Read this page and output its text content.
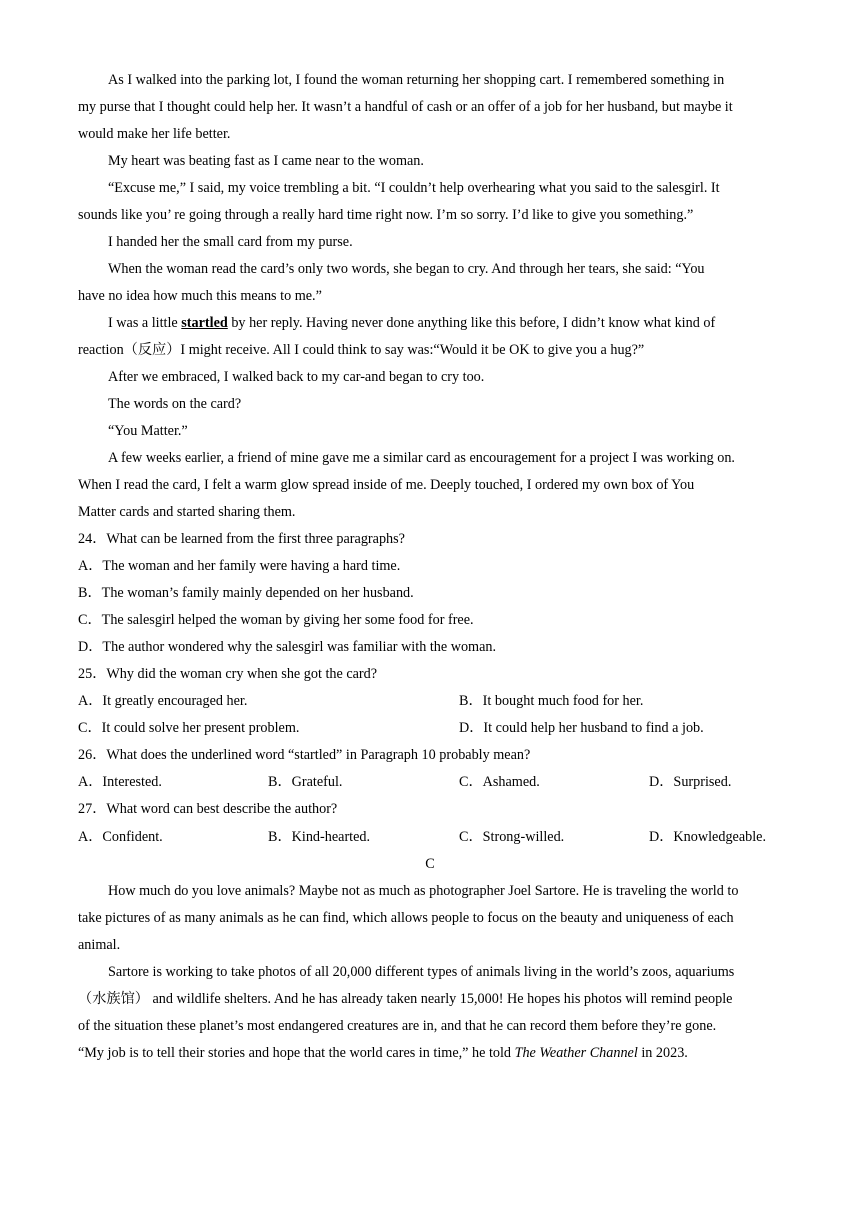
As I walked into the parking lot, I found the woman returning her shopping cart. I remembered something in
my purse that I thought could help her. It wasn’t a handful of cash or an offer of a job for her husband, but maybe it
would make her life better.
My heart was beating fast as I came near to the woman.
“Excuse me,” I said, my voice trembling a bit. “I couldn’t help overhearing what you said to the salesgirl. It
sounds like you’ re going through a really hard time right now. I’m so sorry. I’d like to give you something.”
I handed her the small card from my purse.
When the woman read the card’s only two words, she began to cry. And through her tears, she said: “You
have no idea how much this means to me.”
I was a little startled by her reply. Having never done anything like this before, I didn’t know what kind of
reaction（反应）I might receive. All I could think to say was:“Would it be OK to give you a hug?”
After we embraced, I walked back to my car-and began to cry too.
The words on the card?
“You Matter.”
A few weeks earlier, a friend of mine gave me a similar card as encouragement for a project I was working on.
When I read the card, I felt a warm glow spread inside of me. Deeply touched, I ordered my own box of You
Matter cards and started sharing them.
24．What can be learned from the first three paragraphs?
A．The woman and her family were having a hard time.
B．The woman’s family mainly depended on her husband.
C．The salesgirl helped the woman by giving her some food for free.
D．The author wondered why the salesgirl was familiar with the woman.
25．Why did the woman cry when she got the card?
A．It greatly encouraged her.	B．It bought much food for her.
C．It could solve her present problem.	D．It could help her husband to find a job.
26．What does the underlined word “startled” in Paragraph 10 probably mean?
A．Interested.	B．Grateful.	C．Ashamed.	D．Surprised.
27．What word can best describe the author?
A．Confident.	B．Kind-hearted.	C．Strong-willed.	D．Knowledgeable.
C
How much do you love animals? Maybe not as much as photographer Joel Sartore. He is traveling the world to
take pictures of as many animals as he can find, which allows people to focus on the beauty and uniqueness of each
animal.
Sartore is working to take photos of all 20,000 different types of animals living in the world’s zoos, aquariums
（水族馆） and wildlife shelters. And he has already taken nearly 15,000! He hopes his photos will remind people
of the situation these planet’s most endangered creatures are in, and that he can record them before they’re gone.
“My job is to tell their stories and hope that the world cares in time,” he told The Weather Channel in 2023.
